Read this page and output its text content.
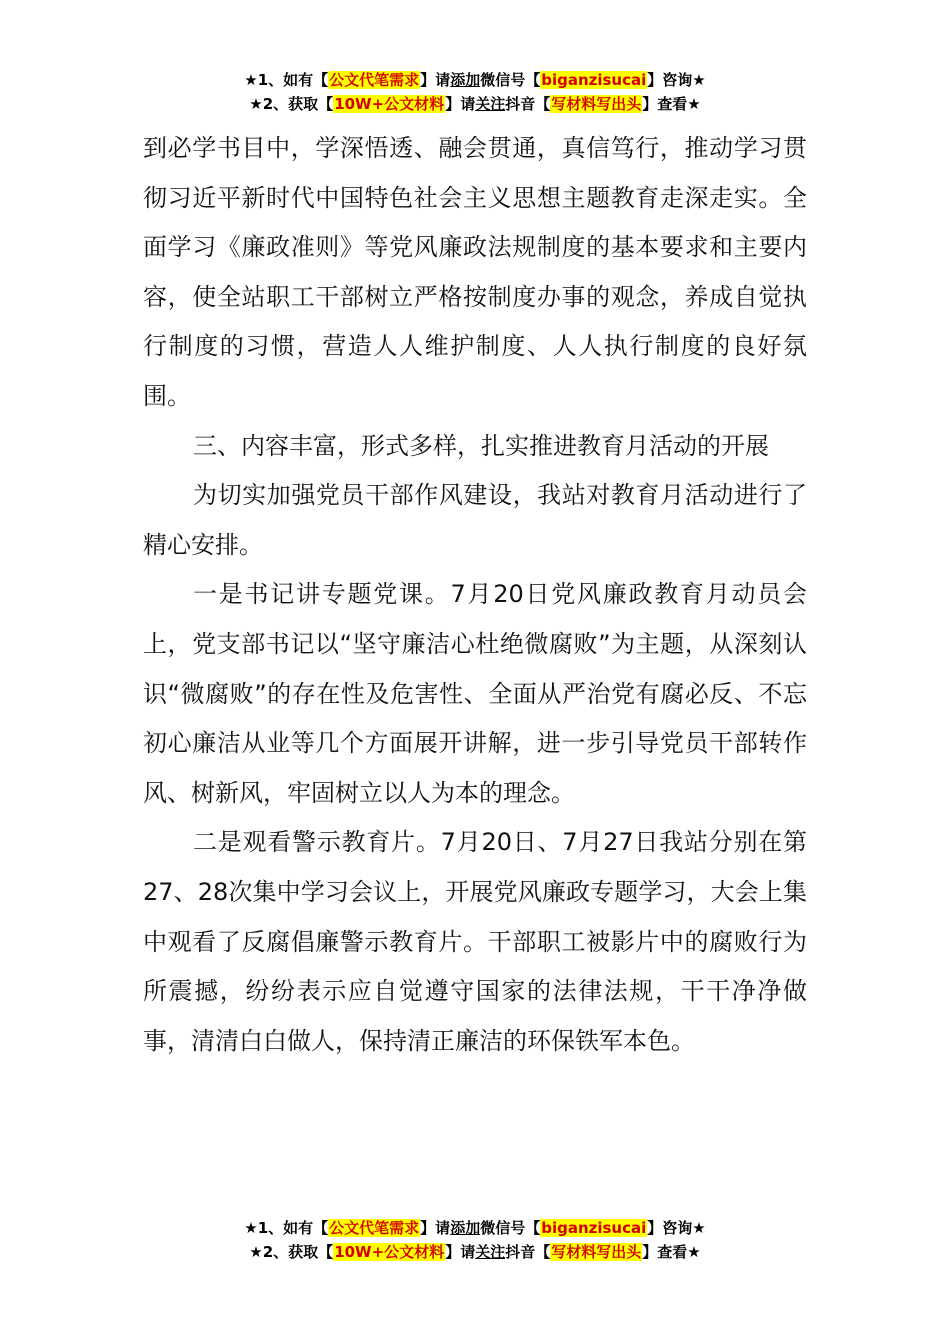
★1、如有【公文代笔需求】请添加微信号【biganzisucai】咨询★
★2、获取【10W+公文材料】请关注抖音【写材料写出头】查看★

到必学书目中，学深悟透、融会贯通，真信笃行，推动学习贯彻习近平新时代中国特色社会主义思想主题教育走深走实。全面学习《廉政准则》等党风廉政法规制度的基本要求和主要内容，使全站职工干部树立严格按制度办事的观念，养成自觉执行制度的习惯，营造人人维护制度、人人执行制度的良好氛围。

三、内容丰富，形式多样，扎实推进教育月活动的开展

为切实加强党员干部作风建设，我站对教育月活动进行了精心安排。

一是书记讲专题党课。7月20日党风廉政教育月动员会上，党支部书记以“坚守廉洁心杜绝微腐败”为主题，从深刻认识“微腐败”的存在性及危害性、全面从严治党有腐必反、不忘初心廉洁从业等几个方面展开讲解，进一步引导党员干部转作风、树新风，牢固树立以人为本的理念。

二是观看警示教育片。7月20日、7月27日我站分别在第27、28次集中学习会议上，开展党风廉政专题学习，大会上集中观看了反腐倡廉警示教育片。干部职工被影片中的腐败行为所震撼，纷纷表示应自觉遵守国家的法律法规，干干净净做事，清清白白做人，保持清正廉洁的环保铁军本色。

★1、如有【公文代笔需求】请添加微信号【biganzisucai】咨询★
★2、获取【10W+公文材料】请关注抖音【写材料写出头】查看★
